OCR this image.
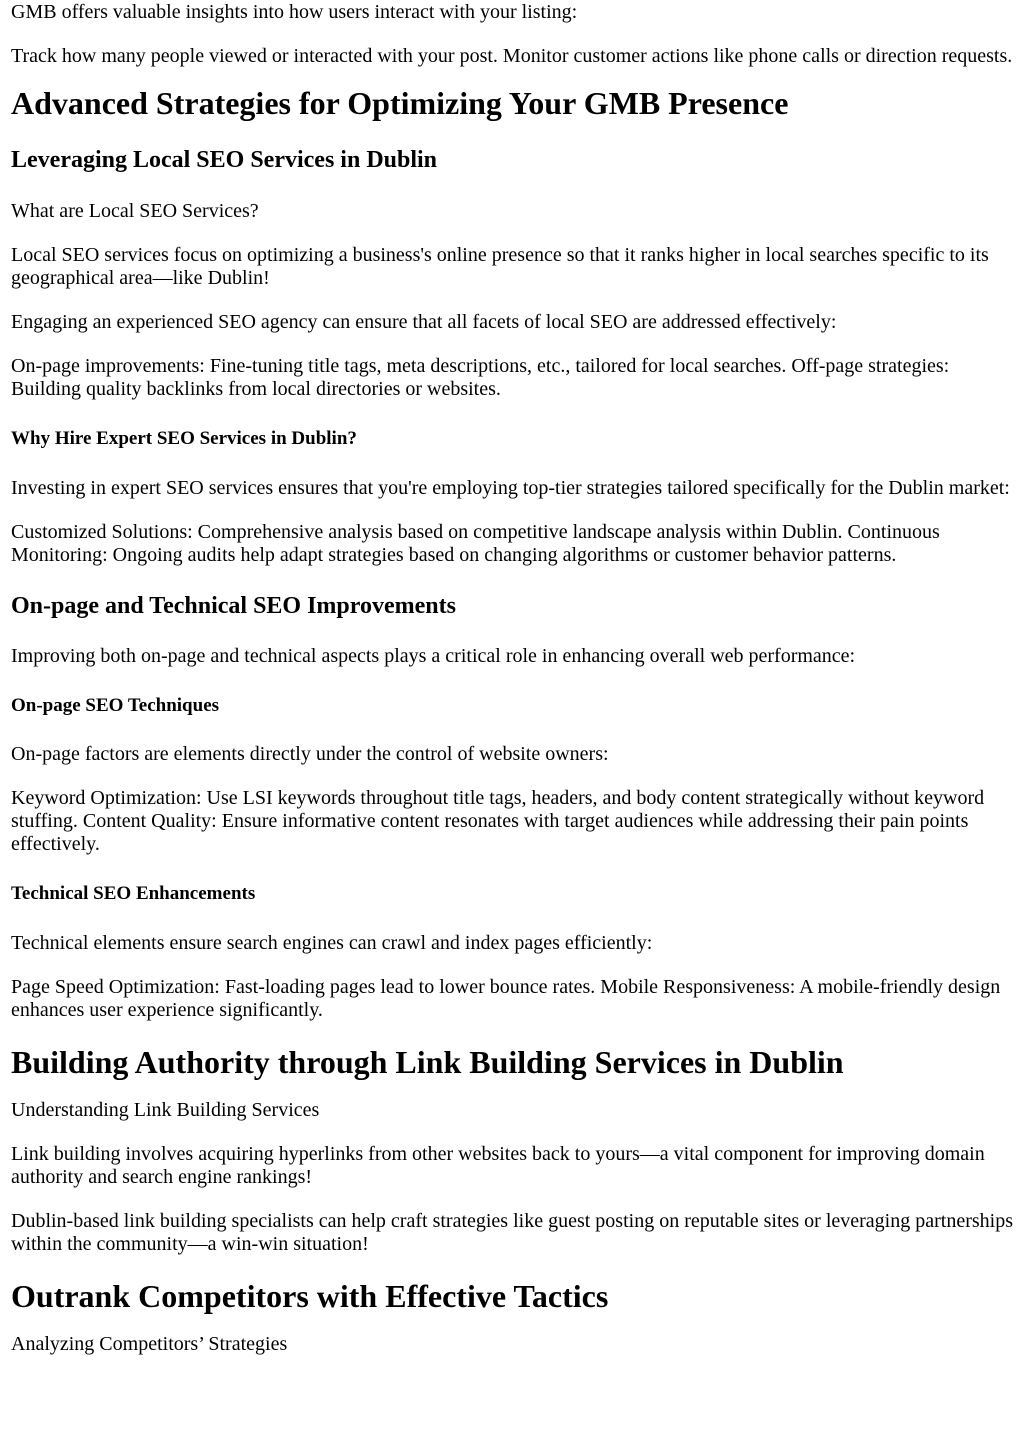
GMB offers valuable insights into how users interact with your listing:

Track how many people viewed or interacted with your post. Monitor customer actions like phone calls or direction requests.

Advanced Strategies for Optimizing Your GMB Presence
Leveraging Local SEO Services in Dublin

What are Local SEO Services?

Local SEO services focus on optimizing a business's online presence so that it ranks higher in local searches specific to its geographical area—like Dublin!

Engaging an experienced SEO agency can ensure that all facets of local SEO are addressed effectively:

On-page improvements: Fine-tuning title tags, meta descriptions, etc., tailored for local searches. Off-page strategies: Building quality backlinks from local directories or websites.

Why Hire Expert SEO Services in Dublin?

Investing in expert SEO services ensures that you're employing top-tier strategies tailored specifically for the Dublin market:

Customized Solutions: Comprehensive analysis based on competitive landscape analysis within Dublin. Continuous Monitoring: Ongoing audits help adapt strategies based on changing algorithms or customer behavior patterns.

On-page and Technical SEO Improvements

Improving both on-page and technical aspects plays a critical role in enhancing overall web performance:

On-page SEO Techniques

On-page factors are elements directly under the control of website owners:

Keyword Optimization: Use LSI keywords throughout title tags, headers, and body content strategically without keyword stuffing. Content Quality: Ensure informative content resonates with target audiences while addressing their pain points effectively.

Technical SEO Enhancements

Technical elements ensure search engines can crawl and index pages efficiently:

Page Speed Optimization: Fast-loading pages lead to lower bounce rates. Mobile Responsiveness: A mobile-friendly design enhances user experience significantly.

Building Authority through Link Building Services in Dublin

Understanding Link Building Services

Link building involves acquiring hyperlinks from other websites back to yours—a vital component for improving domain authority and search engine rankings!

Dublin-based link building specialists can help craft strategies like guest posting on reputable sites or leveraging partnerships within the community—a win-win situation!

Outrank Competitors with Effective Tactics

Analyzing Competitors’ Strategies
